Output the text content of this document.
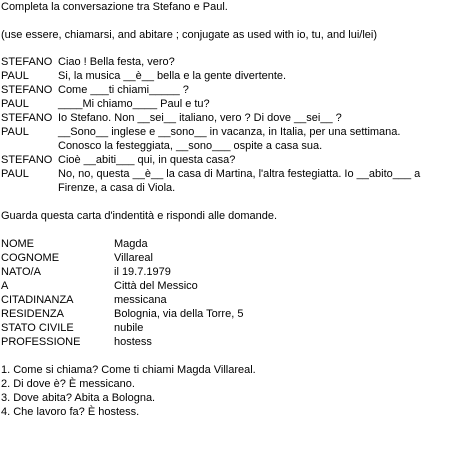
Completa la conversazione tra Stefano e Paul.
(use essere, chiamarsi, and abitare ; conjugate as used with io, tu, and lui/lei)
STEFANO Ciao ! Bella festa, vero?
PAUL	Si, la musica __è__ bella e la gente divertente.
STEFANO Come ___ti chiami_____ ?
PAUL	____Mi chiamo____ Paul e tu?
STEFANO Io Stefano. Non __sei__ italiano, vero ? Di dove __sei__ ?
PAUL	__Sono__ inglese e __sono__ in vacanza, in Italia, per una settimana.
Conosco la festeggiata, __sono___ ospite a casa sua.
STEFANO Cioè __abiti___ qui, in questa casa?
PAUL	No, no, questa __è__ la casa di Martina, l'altra festegiatta. Io __abito___ a
Firenze, a casa di Viola.
Guarda questa carta d'indentità e rispondi alle domande.
NOME	Magda
COGNOME	Villareal
NATO/A	il 19.7.1979
A	Città del Messico
CITADINANZA	messicana
RESIDENZA	Bolognia, via della Torre, 5
STATO CIVILE	nubile
PROFESSIONE	hostess
1. Come si chiama? Come ti chiami Magda Villareal.
2. Di dove è? È messicano.
3. Dove abita? Abita a Bologna.
4. Che lavoro fa? È hostess.
